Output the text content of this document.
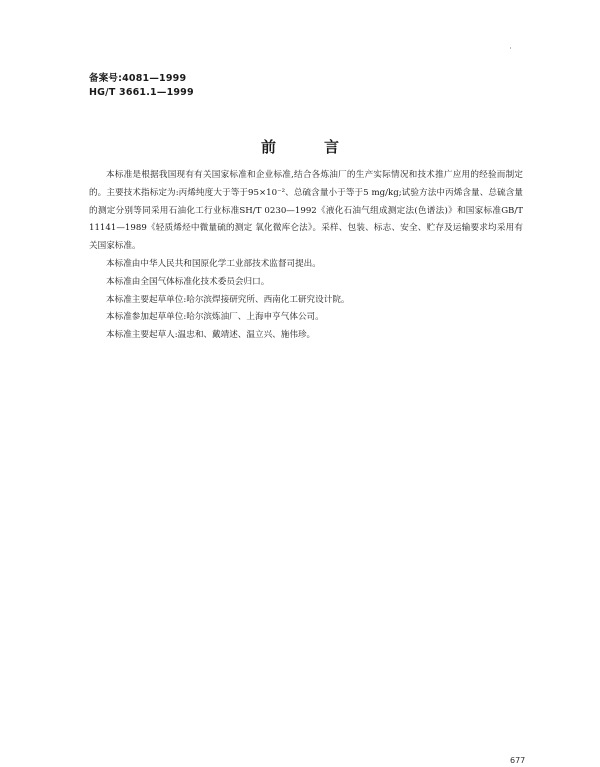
备案号:4081—1999
HG/T 3661.1—1999
前言

本标准是根据我国现有有关国家标准和企业标准,结合各炼油厂的生产实际情况和技术推广应用的经验而制定的。主要技术指标定为:丙烯纯度大于等于95×10⁻²、总硫含量小于等于5 mg/kg;试验方法中丙烯含量、总硫含量的测定分别等同采用石油化工行业标准SH/T 0230—1992《液化石油气组成测定法(色谱法)》和国家标准GB/T 11141—1989《轻质烯烃中微量硫的测定 氧化微库仑法》。采样、包装、标志、安全、贮存及运输要求均采用有关国家标准。

本标准由中华人民共和国原化学工业部技术监督司提出。

本标准由全国气体标准化技术委员会归口。

本标准主要起草单位:哈尔滨焊接研究所、西南化工研究设计院。

本标准参加起草单位:哈尔滨炼油厂、上海申亨气体公司。

本标准主要起草人:温忠和、戴靖述、温立兴、施伟珍。

677
